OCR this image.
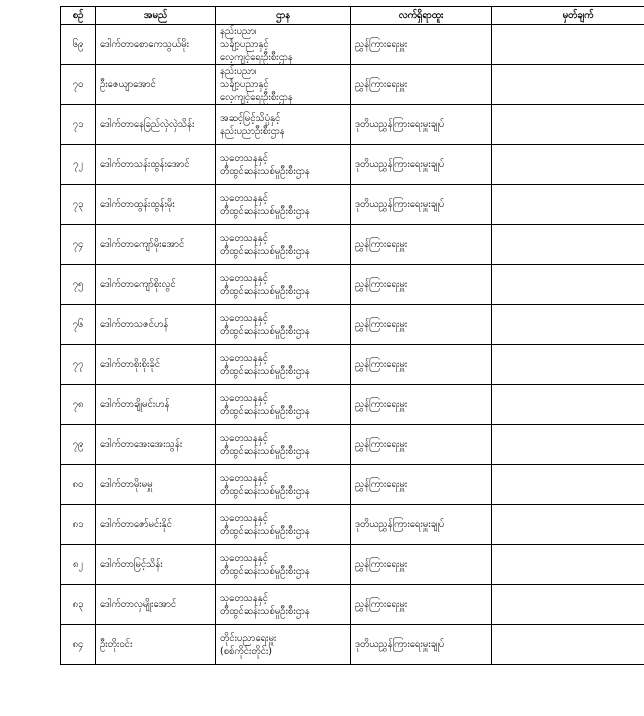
စဉ်	အမည်	ဌာန	လက်ရှိရာထူး	မှတ်ချက်
၆၉	ဒေါက်တာစောကေသွယ်မိုး	နည်းပညာ၊
သင်္ချာ့ပညာနှင့်
လေ့ကျင့်ရေးဦးစီးဌာန	ညွှန်ကြားရေးမှူး	
၇၀	ဦးဇေယျာအောင်	နည်းပညာ၊
သင်္ချာ့ပညာနှင့်
လေ့ကျင့်ရေးဦးစီးဌာန	ညွှန်ကြားရေးမှူး	
၇၁	ဒေါက်တာနေခြည်လှဲလှဲသိန်း	အဆင့်မြင့်သိပ္ပံနှင့်
နည်းပညာဦးစီးဌာန	ဒုတိယညွှန်ကြားရေးမှူးချုပ်	
၇၂	ဒေါက်တာသန်းထွန်းအောင်	သုတေသနနှင့်
တီထွင်ဆန်းသစ်မှုဦးစီးဌာန	ဒုတိယညွှန်ကြားရေးမှူးချုပ်	
၇၃	ဒေါက်တာထွန်းထွန်းမိုး	သုတေသနနှင့်
တီထွင်ဆန်းသစ်မှုဦးစီးဌာန	ဒုတိယညွှန်ကြားရေးမှူးချုပ်	
၇၄	ဒေါက်တာကျော်မိုးအောင်	သုတေသနနှင့်
တီထွင်ဆန်းသစ်မှုဦးစီးဌာန	ညွှန်ကြားရေးမှူး	
၇၅	ဒေါက်တာကျော်စိုးလွင်	သုတေသနနှင့်
တီထွင်ဆန်းသစ်မှုဦးစီးဌာန	ညွှန်ကြားရေးမှူး	
၇၆	ဒေါက်တာသဇင်ဟန်	သုတေသနနှင့်
တီထွင်ဆန်းသစ်မှုဦးစီးဌာန	ညွှန်ကြားရေးမှူး	
၇၇	ဒေါက်တာစိုးစိုးခိုင်	သုတေသနနှင့်
တီထွင်ဆန်းသစ်မှုဦးစီးဌာန	ညွှန်ကြားရေးမှူး	
၇၈	ဒေါက်တာချိုမင်းဟန်	သုတေသနနှင့်
တီထွင်ဆန်းသစ်မှုဦးစီးဌာန	ညွှန်ကြားရေးမှူး	
၇၉	ဒေါက်တာအေးအေးသွန်း	သုတေသနနှင့်
တီထွင်ဆန်းသစ်မှုဦးစီးဌာန	ညွှန်ကြားရေးမှူး	
၈၀	ဒေါက်တာမိုးမမှူ	သုတေသနနှင့်
တီထွင်ဆန်းသစ်မှုဦးစီးဌာန	ညွှန်ကြားရေးမှူး	
၈၁	ဒေါက်တာဇော်မင်းနိုင်	သုတေသနနှင့်
တီထွင်ဆန်းသစ်မှုဦးစီးဌာန	ဒုတိယညွှန်ကြားရေးမှူးချုပ်	
၈၂	ဒေါက်တာမြင့်သိန်း	သုတေသနနှင့်
တီထွင်ဆန်းသစ်မှုဦးစီးဌာန	ညွှန်ကြားရေးမှူး	
၈၃	ဒေါက်တာလှမျိုးအောင်	သုတေသနနှင့်
တီထွင်ဆန်းသစ်မှုဦးစီးဌာန	ညွှန်ကြားရေးမှူး	
၈၄	ဦးတိုးဝင်း	တိုင်းပညာရေးမှူး
(စစ်ကိုင်းတိုင်း)	ဒုတိယညွှန်ကြားရေးမှူးချုပ်	
